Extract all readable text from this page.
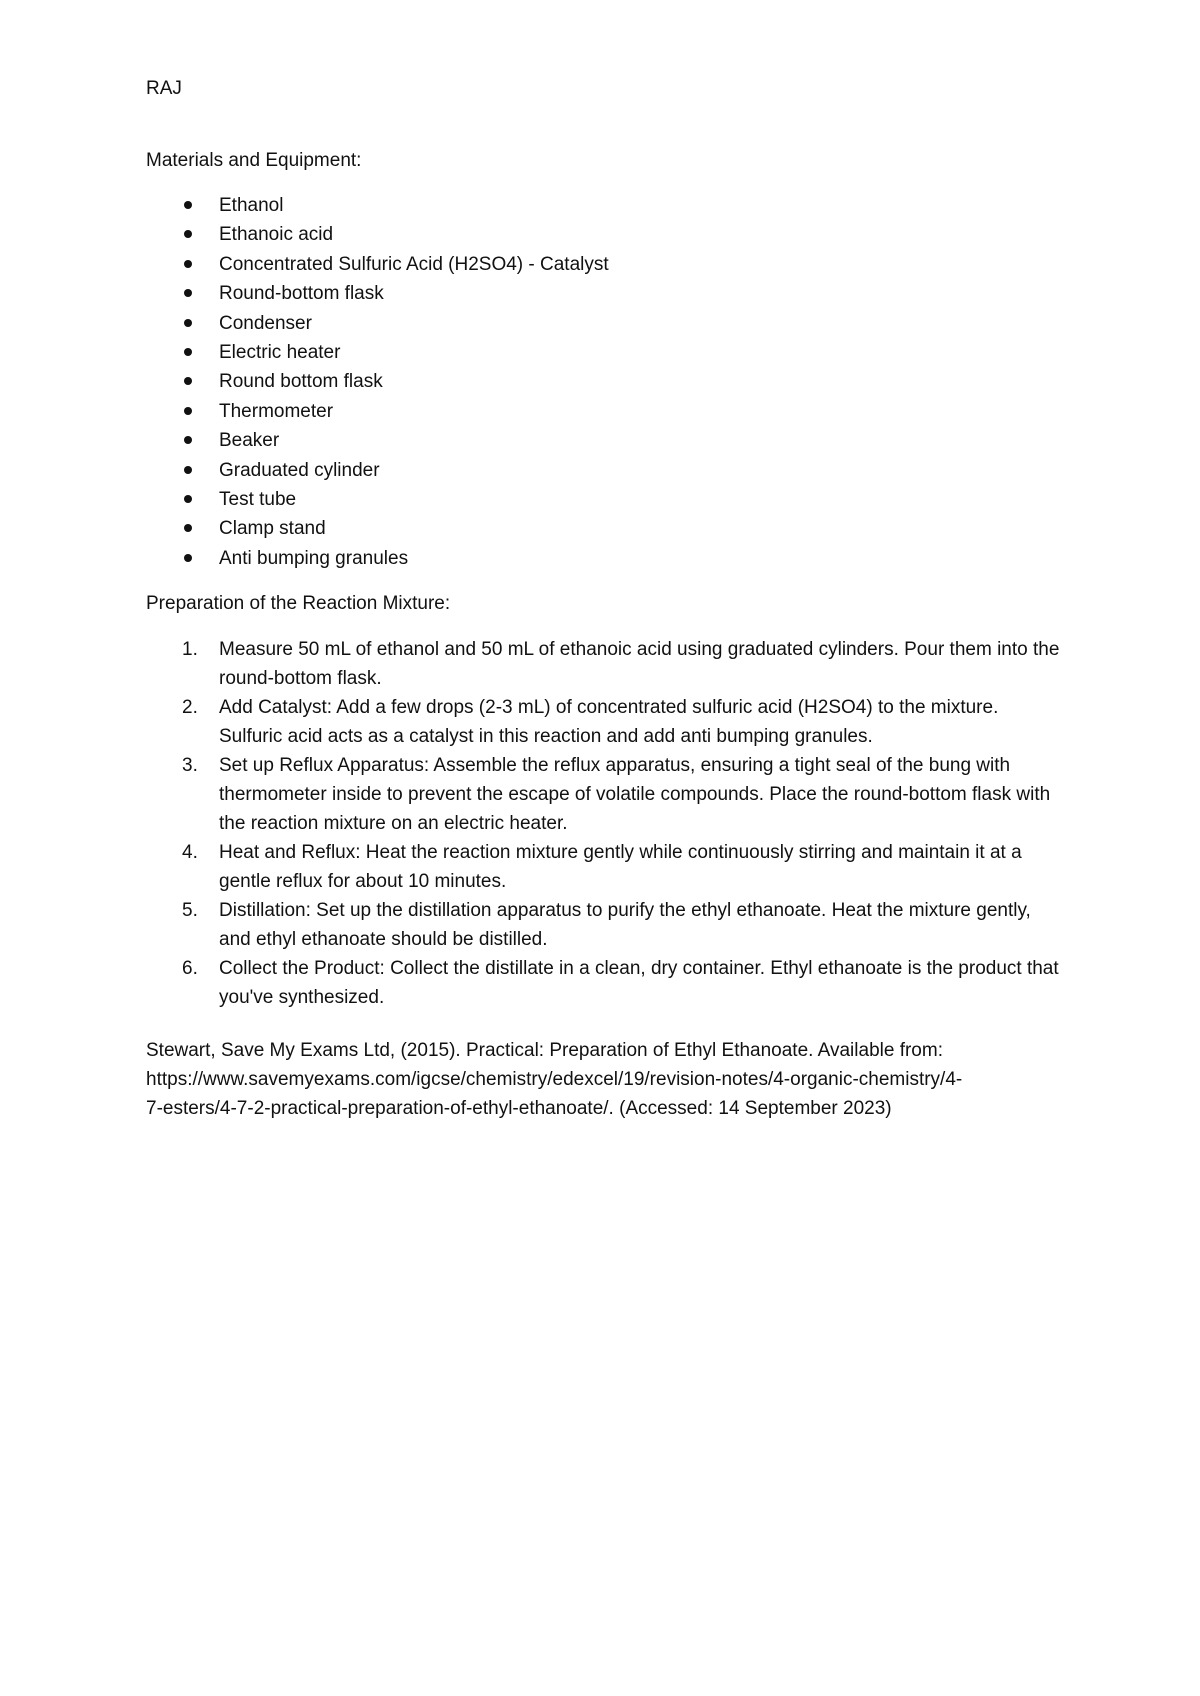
RAJ

Materials and Equipment:

Ethanol
Ethanoic acid
Concentrated Sulfuric Acid (H2SO4) - Catalyst
Round-bottom flask
Condenser
Electric heater
Round bottom flask
Thermometer
Beaker
Graduated cylinder
Test tube
Clamp stand
Anti bumping granules

Preparation of the Reaction Mixture:

1. Measure 50 mL of ethanol and 50 mL of ethanoic acid using graduated cylinders. Pour them into the round-bottom flask.
2. Add Catalyst: Add a few drops (2-3 mL) of concentrated sulfuric acid (H2SO4) to the mixture. Sulfuric acid acts as a catalyst in this reaction and add anti bumping granules.
3. Set up Reflux Apparatus: Assemble the reflux apparatus, ensuring a tight seal of the bung with thermometer inside to prevent the escape of volatile compounds. Place the round-bottom flask with the reaction mixture on an electric heater.
4. Heat and Reflux: Heat the reaction mixture gently while continuously stirring and maintain it at a gentle reflux for about 10 minutes.
5. Distillation: Set up the distillation apparatus to purify the ethyl ethanoate. Heat the mixture gently, and ethyl ethanoate should be distilled.
6. Collect the Product: Collect the distillate in a clean, dry container. Ethyl ethanoate is the product that you've synthesized.

Stewart, Save My Exams Ltd, (2015). Practical: Preparation of Ethyl Ethanoate. Available from:
https://www.savemyexams.com/igcse/chemistry/edexcel/19/revision-notes/4-organic-chemistry/4-
7-esters/4-7-2-practical-preparation-of-ethyl-ethanoate/. (Accessed: 14 September 2023)
